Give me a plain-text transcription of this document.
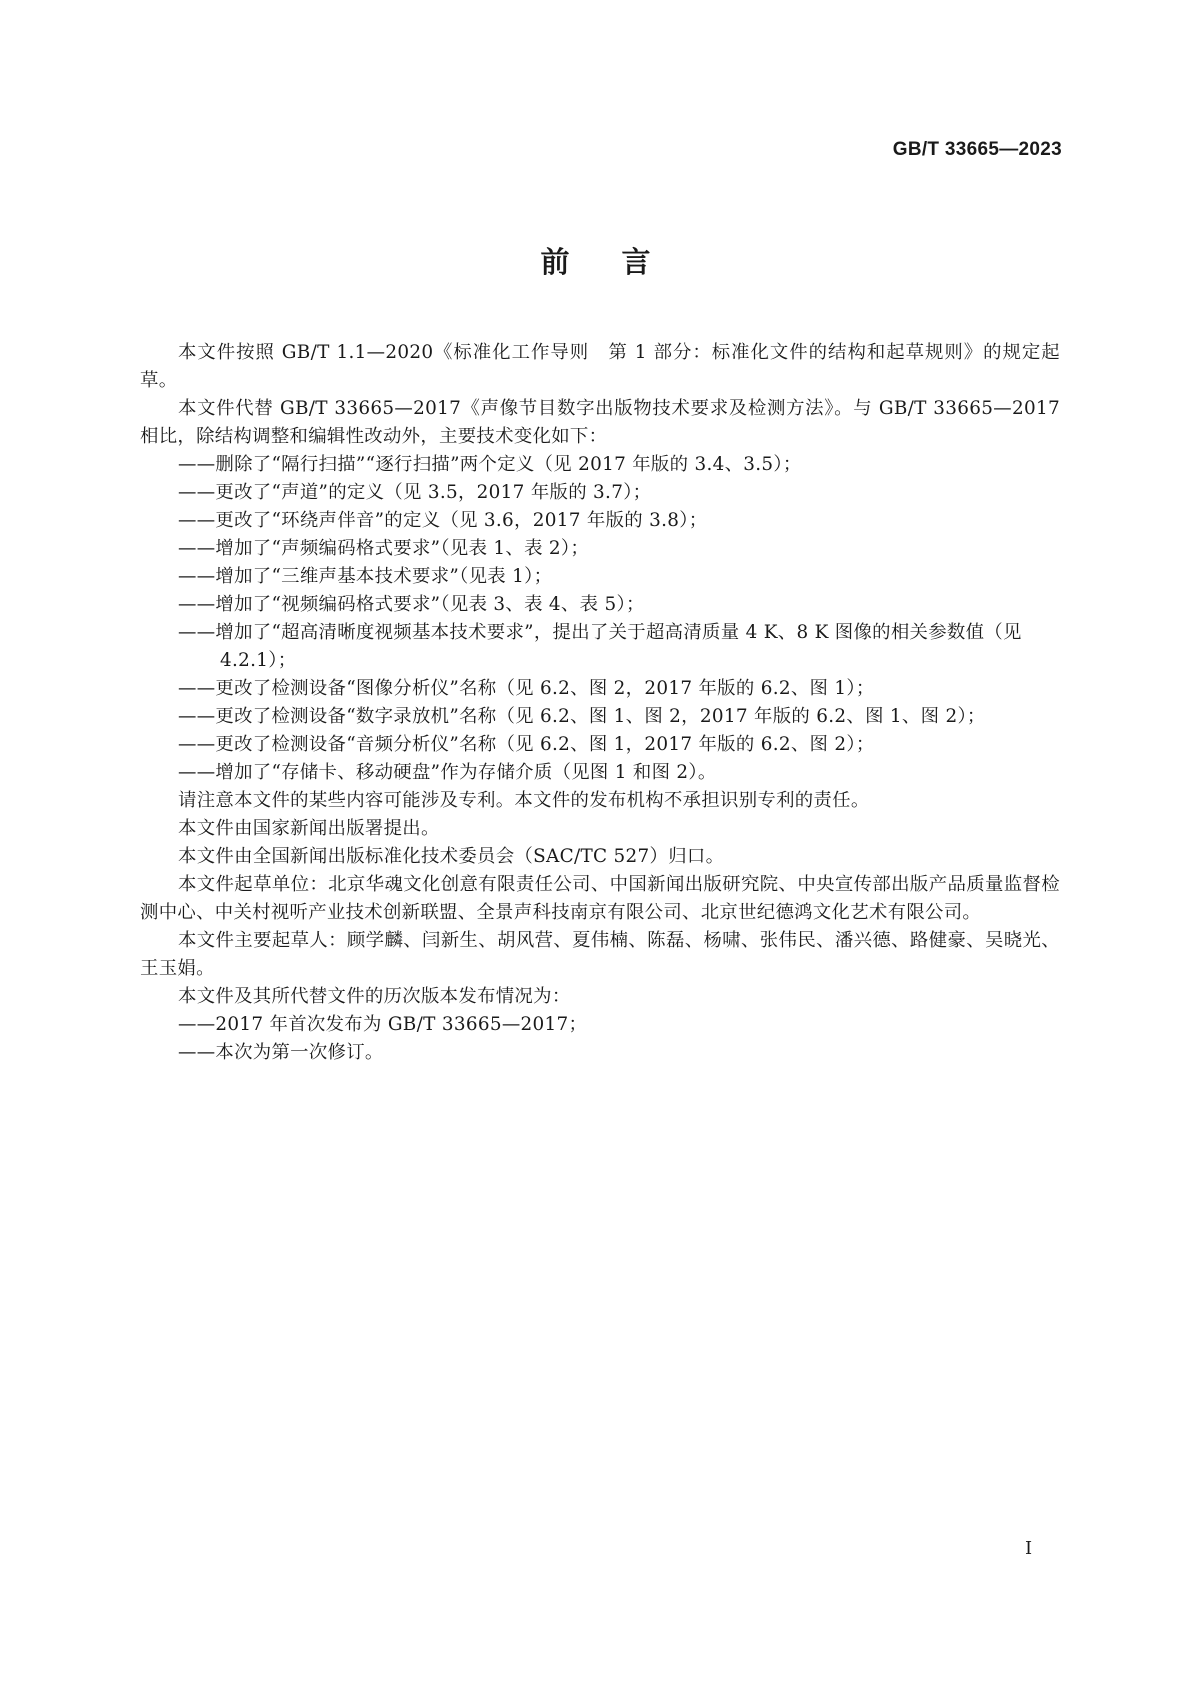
GB/T 33665—2023
前言

本文件按照 GB/T 1.1—2020《标准化工作导则　第 1 部分：标准化文件的结构和起草规则》的规定起草。

本文件代替 GB/T 33665—2017《声像节目数字出版物技术要求及检测方法》。与 GB/T 33665—2017 相比，除结构调整和编辑性改动外，主要技术变化如下：

——删除了“隔行扫描”“逐行扫描”两个定义（见 2017 年版的 3.4、3.5）；

——更改了“声道”的定义（见 3.5，2017 年版的 3.7）；

——更改了“环绕声伴音”的定义（见 3.6，2017 年版的 3.8）；

——增加了“声频编码格式要求”（见表 1、表 2）；

——增加了“三维声基本技术要求”（见表 1）；

——增加了“视频编码格式要求”（见表 3、表 4、表 5）；

——增加了“超高清晰度视频基本技术要求”，提出了关于超高清质量 4 K、8 K 图像的相关参数值（见 4.2.1）；

——更改了检测设备“图像分析仪”名称（见 6.2、图 2，2017 年版的 6.2、图 1）；

——更改了检测设备“数字录放机”名称（见 6.2、图 1、图 2，2017 年版的 6.2、图 1、图 2）；

——更改了检测设备“音频分析仪”名称（见 6.2、图 1，2017 年版的 6.2、图 2）；

——增加了“存储卡、移动硬盘”作为存储介质（见图 1 和图 2）。

请注意本文件的某些内容可能涉及专利。本文件的发布机构不承担识别专利的责任。

本文件由国家新闻出版署提出。

本文件由全国新闻出版标准化技术委员会（SAC/TC 527）归口。

本文件起草单位：北京华魂文化创意有限责任公司、中国新闻出版研究院、中央宣传部出版产品质量监督检测中心、中关村视听产业技术创新联盟、全景声科技南京有限公司、北京世纪德鸿文化艺术有限公司。

本文件主要起草人：顾学麟、闫新生、胡风营、夏伟楠、陈磊、杨啸、张伟民、潘兴德、路健豪、吴晓光、王玉娟。

本文件及其所代替文件的历次版本发布情况为：

——2017 年首次发布为 GB/T 33665—2017；

——本次为第一次修订。

I
